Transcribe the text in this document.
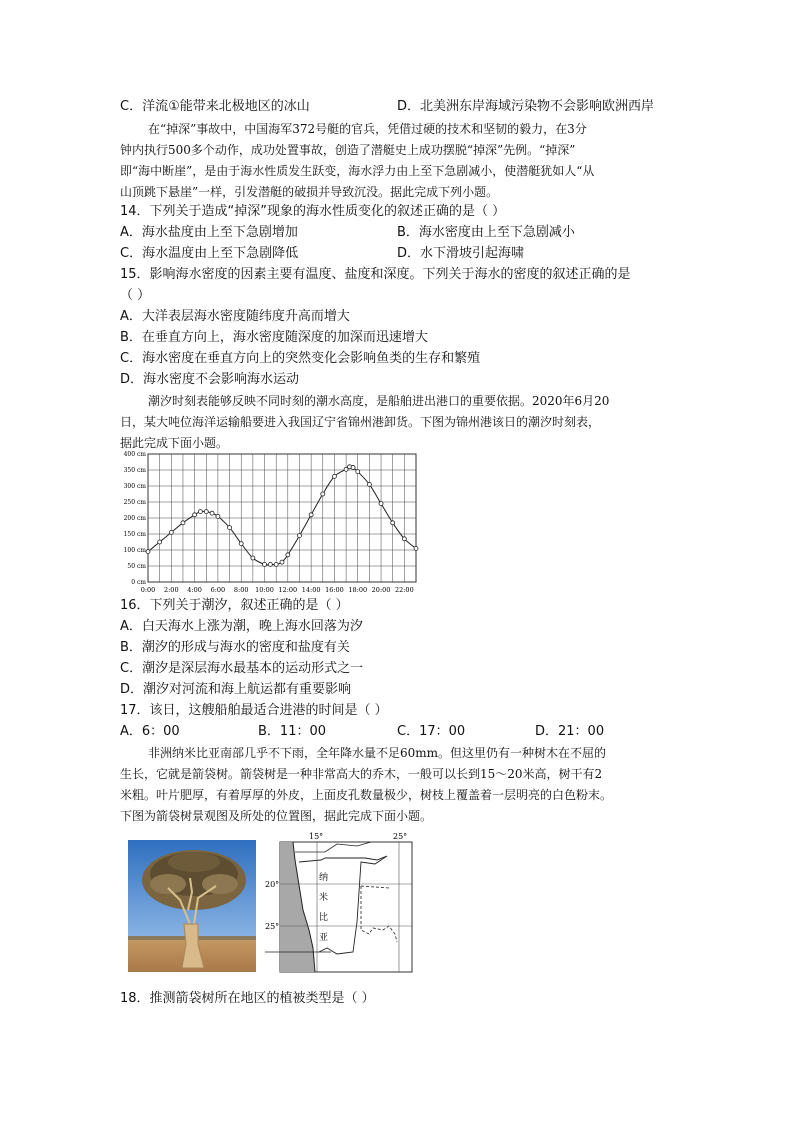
C．洋流①能带来北极地区的冰山	D．北美洲东岸海域污染物不会影响欧洲西岸
在“掉深”事故中，中国海军372号艇的官兵，凭借过硬的技术和坚韧的毅力，在3分
钟内执行500多个动作，成功处置事故，创造了潜艇史上成功摆脱“掉深”先例。“掉深”
即“海中断崖”，是由于海水性质发生跃变，海水浮力由上至下急剧减小，使潜艇犹如人“从
山顶跳下悬崖”一样，引发潜艇的破损并导致沉没。据此完成下列小题。
14．下列关于造成“掉深”现象的海水性质变化的叙述正确的是（ ）
A．海水盐度由上至下急剧增加	B．海水密度由上至下急剧减小
C．海水温度由上至下急剧降低	D．水下滑坡引起海啸
15．影响海水密度的因素主要有温度、盐度和深度。下列关于海水的密度的叙述正确的是
（ ）
A．大洋表层海水密度随纬度升高而增大
B．在垂直方向上，海水密度随深度的加深而迅速增大
C．海水密度在垂直方向上的突然变化会影响鱼类的生存和繁殖
D．海水密度不会影响海水运动
潮汐时刻表能够反映不同时刻的潮水高度，是船舶进出港口的重要依据。2020年6月20
日，某大吨位海洋运输船要进入我国辽宁省锦州港卸货。下图为锦州港该日的潮汐时刻表，
据此完成下面小题。
0 cm
50 cm
100 cm
150 cm
200 cm
250 cm
300 cm
350 cm
400 cm
0:00 2:00 4:00 6:00 8:00 10:00 12:00 14:00 16:00 18:00 20:00 22:00
16．下列关于潮汐，叙述正确的是（ ）
A．白天海水上涨为潮，晚上海水回落为汐
B．潮汐的形成与海水的密度和盐度有关
C．潮汐是深层海水最基本的运动形式之一
D．潮汐对河流和海上航运都有重要影响
17．该日，这艘船舶最适合进港的时间是（ ）
A．6：00	B．11：00	C．17：00	D．21：00
非洲纳米比亚南部几乎不下雨，全年降水量不足60mm。但这里仍有一种树木在不屈的
生长，它就是箭袋树。箭袋树是一种非常高大的乔木，一般可以长到15～20米高，树干有2
米粗。叶片肥厚，有着厚厚的外皮，上面皮孔数量极少，树枝上覆盖着一层明亮的白色粉末。
下图为箭袋树景观图及所处的位置图，据此完成下面小题。
15°	25°
20°
25°
纳
米
比
亚
18．推测箭袋树所在地区的植被类型是（ ）
